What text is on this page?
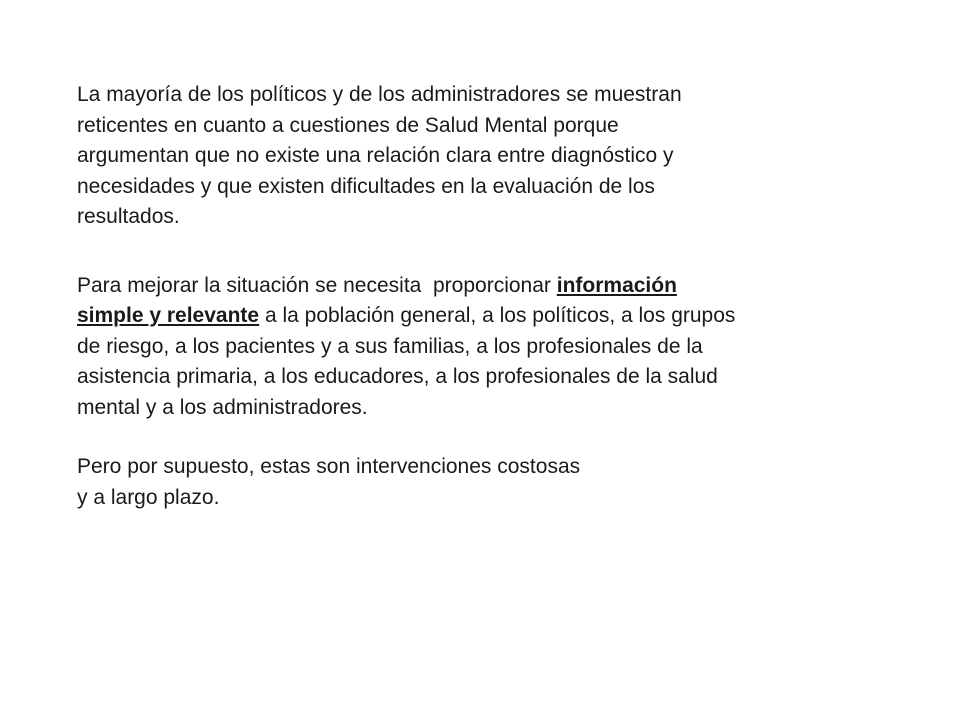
La mayoría de los políticos y de los administradores se muestran
reticentes en cuanto a cuestiones de Salud Mental porque
argumentan que no existe una relación clara entre diagnóstico y
necesidades y que existen dificultades en la evaluación de los
resultados.

Para mejorar la situación se necesita  proporcionar información
simple y relevante a la población general, a los políticos, a los grupos
de riesgo, a los pacientes y a sus familias, a los profesionales de la
asistencia primaria, a los educadores, a los profesionales de la salud
mental y a los administradores.

Pero por supuesto, estas son intervenciones costosas
y a largo plazo.
